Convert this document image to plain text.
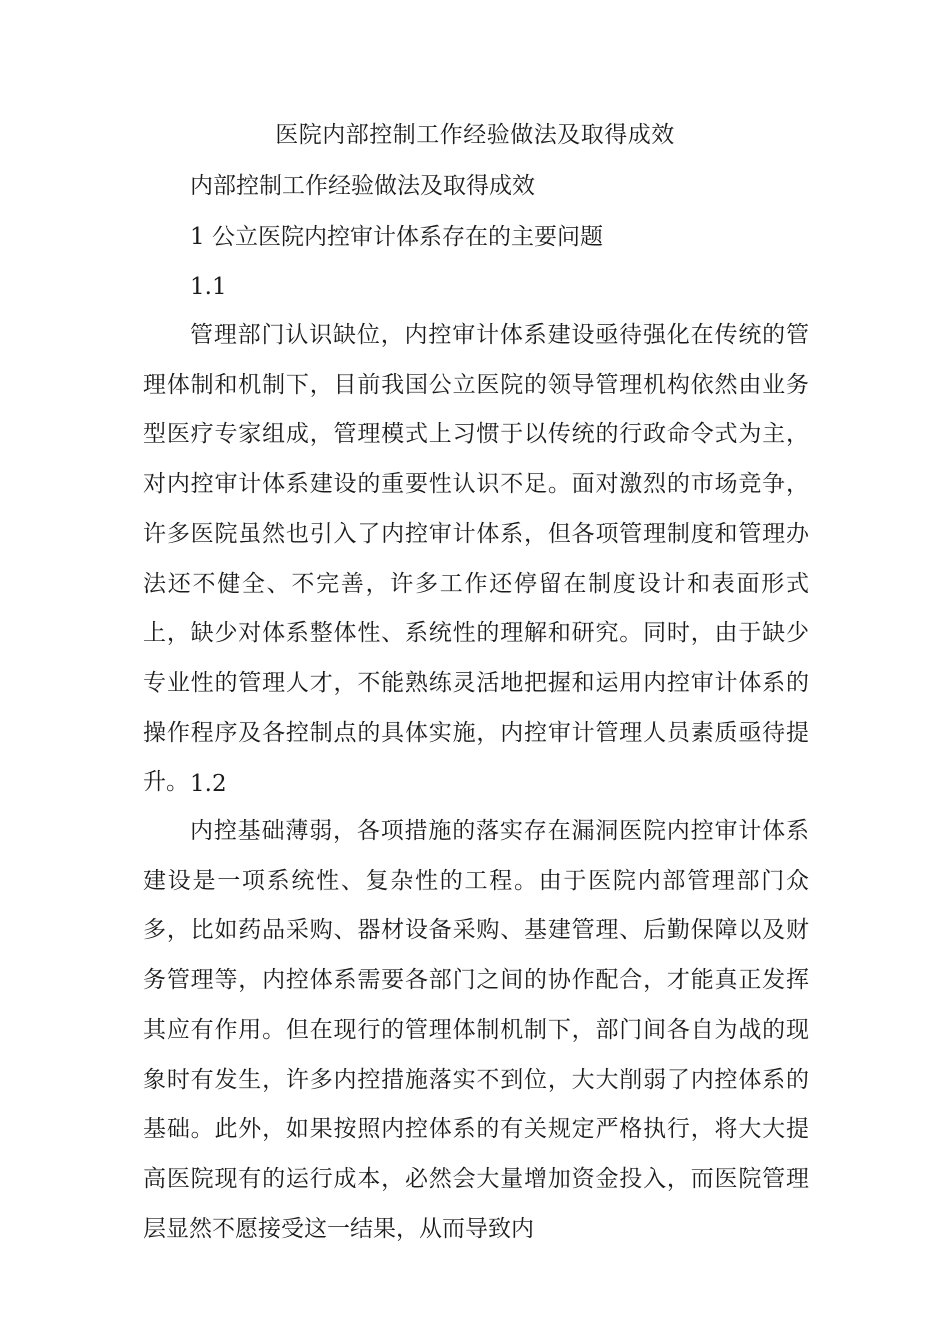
医院内部控制工作经验做法及取得成效
内部控制工作经验做法及取得成效
1 公立医院内控审计体系存在的主要问题
1.1

管理部门认识缺位，内控审计体系建设亟待强化在传统的管理体制和机制下，目前我国公立医院的领导管理机构依然由业务型医疗专家组成，管理模式上习惯于以传统的行政命令式为主，对内控审计体系建设的重要性认识不足。面对激烈的市场竞争，许多医院虽然也引入了内控审计体系，但各项管理制度和管理办法还不健全、不完善，许多工作还停留在制度设计和表面形式上，缺少对体系整体性、系统性的理解和研究。同时，由于缺少专业性的管理人才，不能熟练灵活地把握和运用内控审计体系的操作程序及各控制点的具体实施，内控审计管理人员素质亟待提升。 1.2

内控基础薄弱，各项措施的落实存在漏洞医院内控审计体系建设是一项系统性、复杂性的工程。由于医院内部管理部门众多，比如药品采购、器材设备采购、基建管理、后勤保障以及财务管理等，内控体系需要各部门之间的协作配合，才能真正发挥其应有作用。但在现行的管理体制机制下，部门间各自为战的现象时有发生，许多内控措施落实不到位，大大削弱了内控体系的基础。此外，如果按照内控体系的有关规定严格执行，将大大提高医院现有的运行成本，必然会大量增加资金投入，而医院管理层显然不愿接受这一结果，从而导致内
